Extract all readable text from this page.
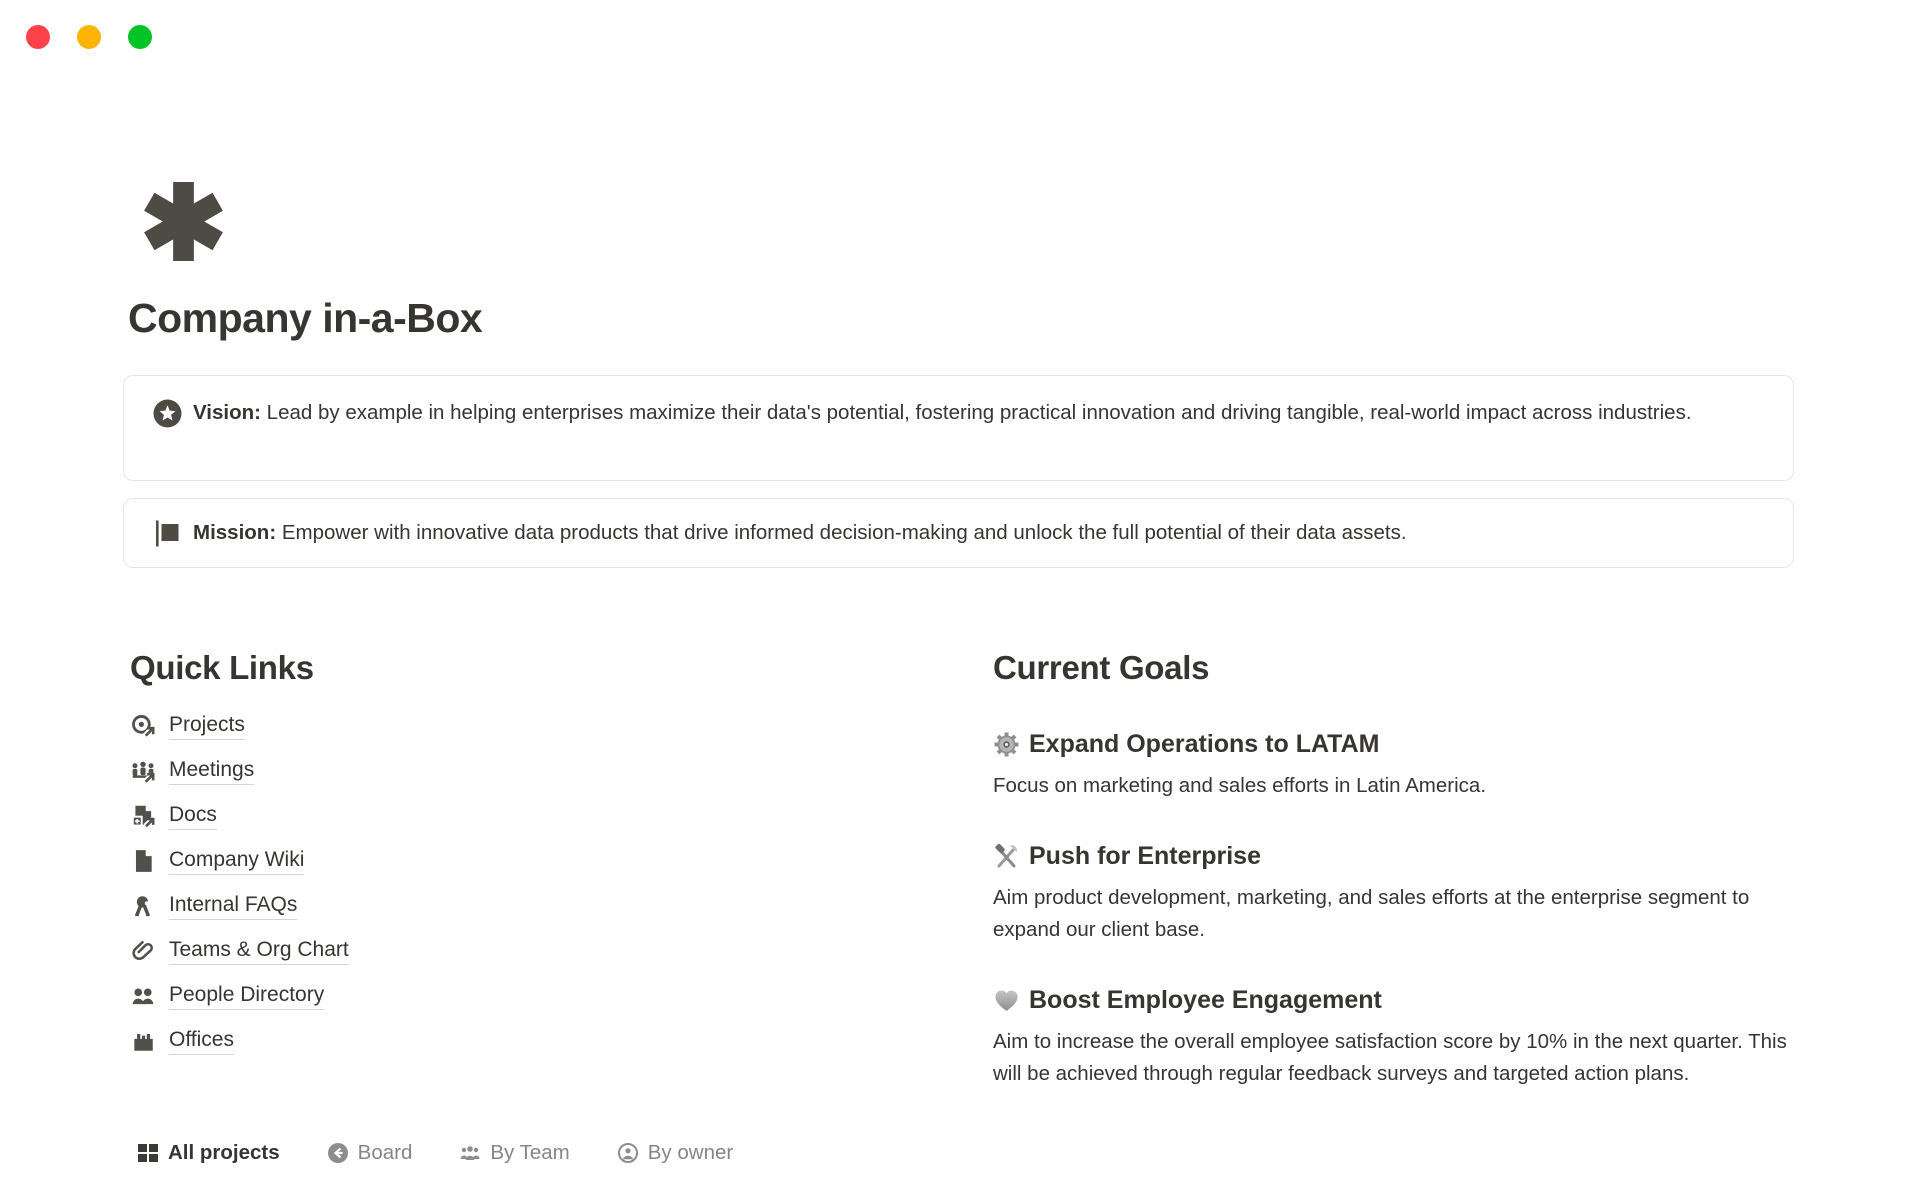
Company in-a-Box
Vision: Lead by example in helping enterprises maximize their data's potential, fostering practical innovation and driving tangible, real-world impact across industries.
Mission: Empower with innovative data products that drive informed decision-making and unlock the full potential of their data assets.
Quick Links
Projects
Meetings
Docs
Company Wiki
Internal FAQs
Teams & Org Chart
People Directory
Offices
Current Goals
Expand Operations to LATAM

Focus on marketing and sales efforts in Latin America.

Push for Enterprise

Aim product development, marketing, and sales efforts at the enterprise segment to expand our client base.

Boost Employee Engagement

Aim to increase the overall employee satisfaction score by 10% in the next quarter. This will be achieved through regular feedback surveys and targeted action plans.

All projects	Board	By Team	By owner
